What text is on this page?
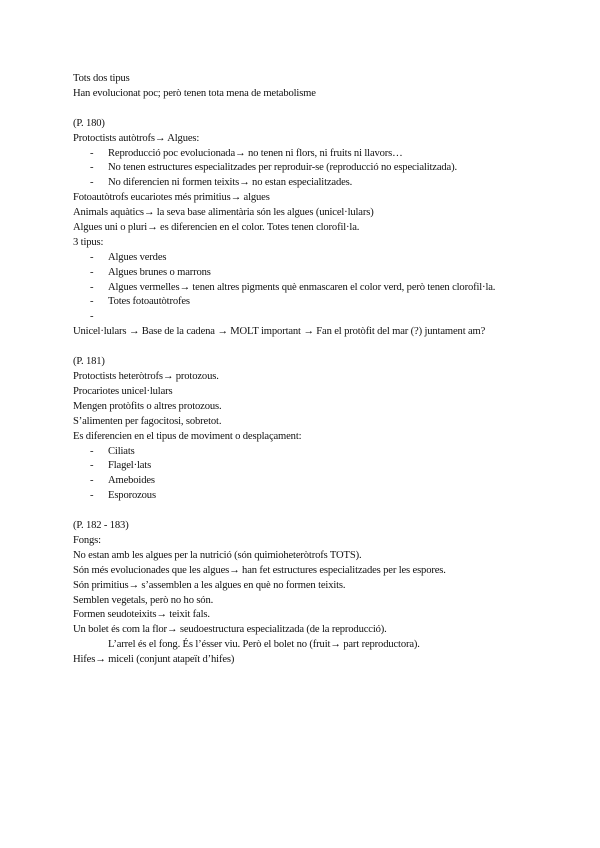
Tots dos tipus
Han evolucionat poc; però tenen tota mena de metabolisme
(P. 180)
Protoctists autòtrofs→ Algues:
- Reproducció poc evolucionada→ no tenen ni flors, ni fruits ni llavors…
- No tenen estructures especialitzades per reproduir-se (reproducció no especialitzada).
- No diferencien ni formen teixits→ no estan especialitzades.
Fotoautòtrofs eucariotes més primitius→ algues
Animals aquàtics→ la seva base alimentària són les algues (unicel·lulars)
Algues uni o pluri→ es diferencien en el color. Totes tenen clorofil·la.
3 tipus:
- Algues verdes
- Algues brunes o marrons
- Algues vermelles→ tenen altres pigments què enmascaren el color verd, però tenen clorofil·la.
- Totes fotoautòtrofes
-
Unicel·lulars → Base de la cadena → MOLT important → Fan el protòfit del mar (?) juntament am?
(P. 181)
Protoctists heteròtrofs→ protozous.
Procariotes unicel·lulars
Mengen protòfits o altres protozous.
S’alimenten per fagocitosi, sobretot.
Es diferencien en el tipus de moviment o desplaçament:
- Ciliats
- Flagel·lats
- Ameboides
- Esporozous
(P. 182 - 183)
Fongs:
No estan amb les algues per la nutrició (són quimioheteròtrofs TOTS).
Són més evolucionades que les algues→ han fet estructures especialitzades per les espores.
Són primitius→ s’assemblen a les algues en què no formen teixits.
Semblen vegetals, però no ho són.
Formen seudoteixits→ teixit fals.
Un bolet és com la flor→ seudoestructura especialitzada (de la reproducció).
L’arrel és el fong. És l’ésser viu. Però el bolet no (fruit→ part reproductora).
Hifes→ miceli (conjunt atapeït d’hifes)
